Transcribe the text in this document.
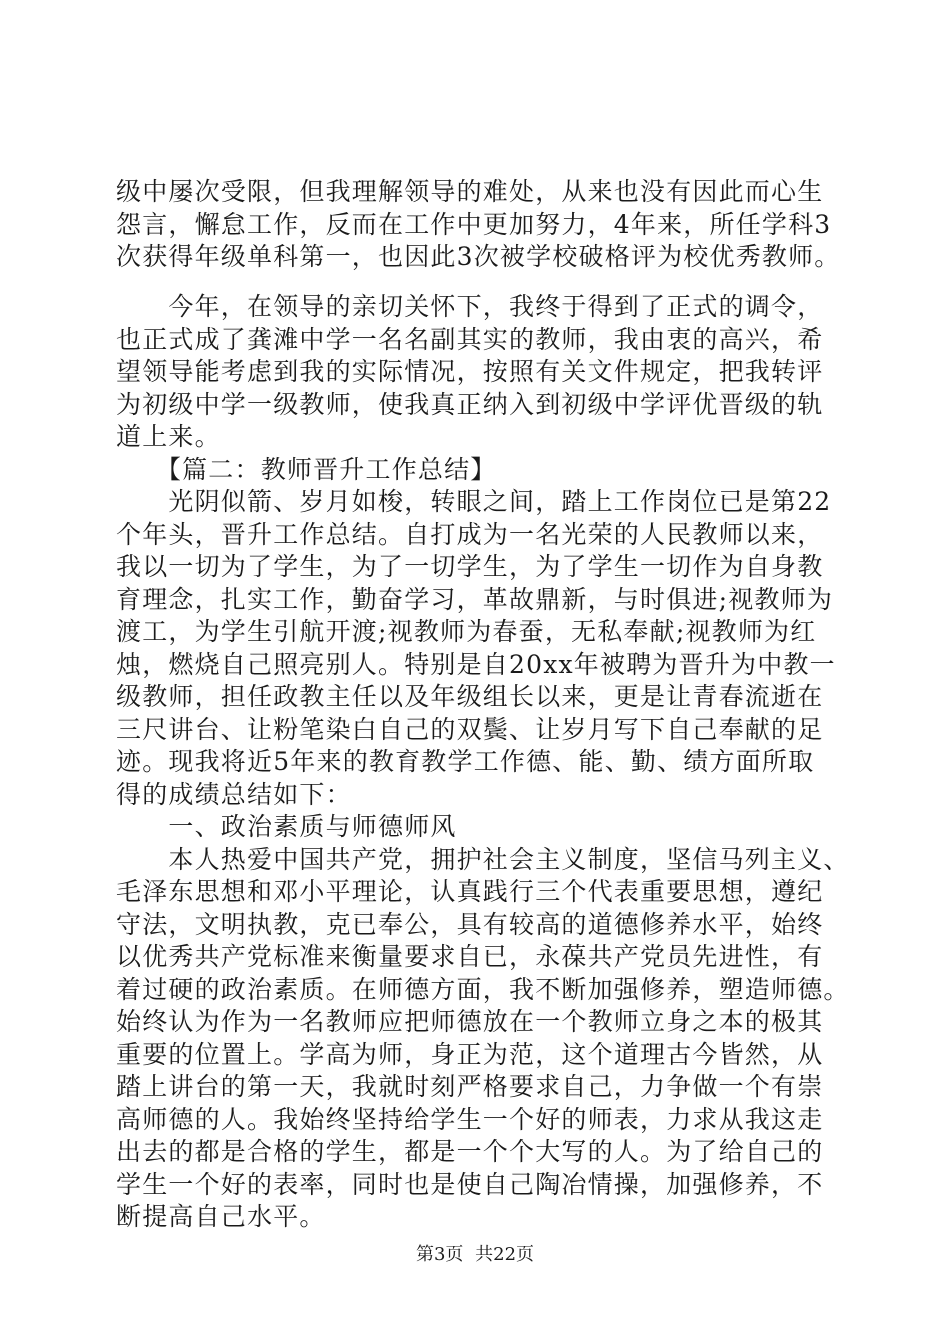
级中屡次受限，但我理解领导的难处，从来也没有因此而心生
怨言，懈怠工作，反而在工作中更加努力，4年来，所任学科3
次获得年级单科第一，也因此3次被学校破格评为校优秀教师。
　　今年，在领导的亲切关怀下，我终于得到了正式的调令，
也正式成了龚滩中学一名名副其实的教师，我由衷的高兴，希
望领导能考虑到我的实际情况，按照有关文件规定，把我转评
为初级中学一级教师，使我真正纳入到初级中学评优晋级的轨
道上来。
　　【篇二：教师晋升工作总结】
　　光阴似箭、岁月如梭，转眼之间，踏上工作岗位已是第22
个年头，晋升工作总结。自打成为一名光荣的人民教师以来，
我以一切为了学生，为了一切学生，为了学生一切作为自身教
育理念，扎实工作，勤奋学习，革故鼎新，与时俱进;视教师为
渡工，为学生引航开渡;视教师为春蚕，无私奉献;视教师为红
烛，燃烧自己照亮别人。特别是自20xx年被聘为晋升为中教一
级教师，担任政教主任以及年级组长以来，更是让青春流逝在
三尺讲台、让粉笔染白自己的双鬓、让岁月写下自己奉献的足
迹。现我将近5年来的教育教学工作德、能、勤、绩方面所取
得的成绩总结如下：
　　一、政治素质与师德师风
　　本人热爱中国共产党，拥护社会主义制度，坚信马列主义、
毛泽东思想和邓小平理论，认真践行三个代表重要思想，遵纪
守法，文明执教，克已奉公，具有较高的道德修养水平，始终
以优秀共产党标准来衡量要求自已，永葆共产党员先进性，有
着过硬的政治素质。在师德方面，我不断加强修养，塑造师德。
始终认为作为一名教师应把师德放在一个教师立身之本的极其
重要的位置上。学高为师，身正为范，这个道理古今皆然，从
踏上讲台的第一天，我就时刻严格要求自己，力争做一个有崇
高师德的人。我始终坚持给学生一个好的师表，力求从我这走
出去的都是合格的学生，都是一个个大写的人。为了给自己的
学生一个好的表率，同时也是使自己陶冶情操，加强修养，不
断提高自己水平。
第3页 共22页
